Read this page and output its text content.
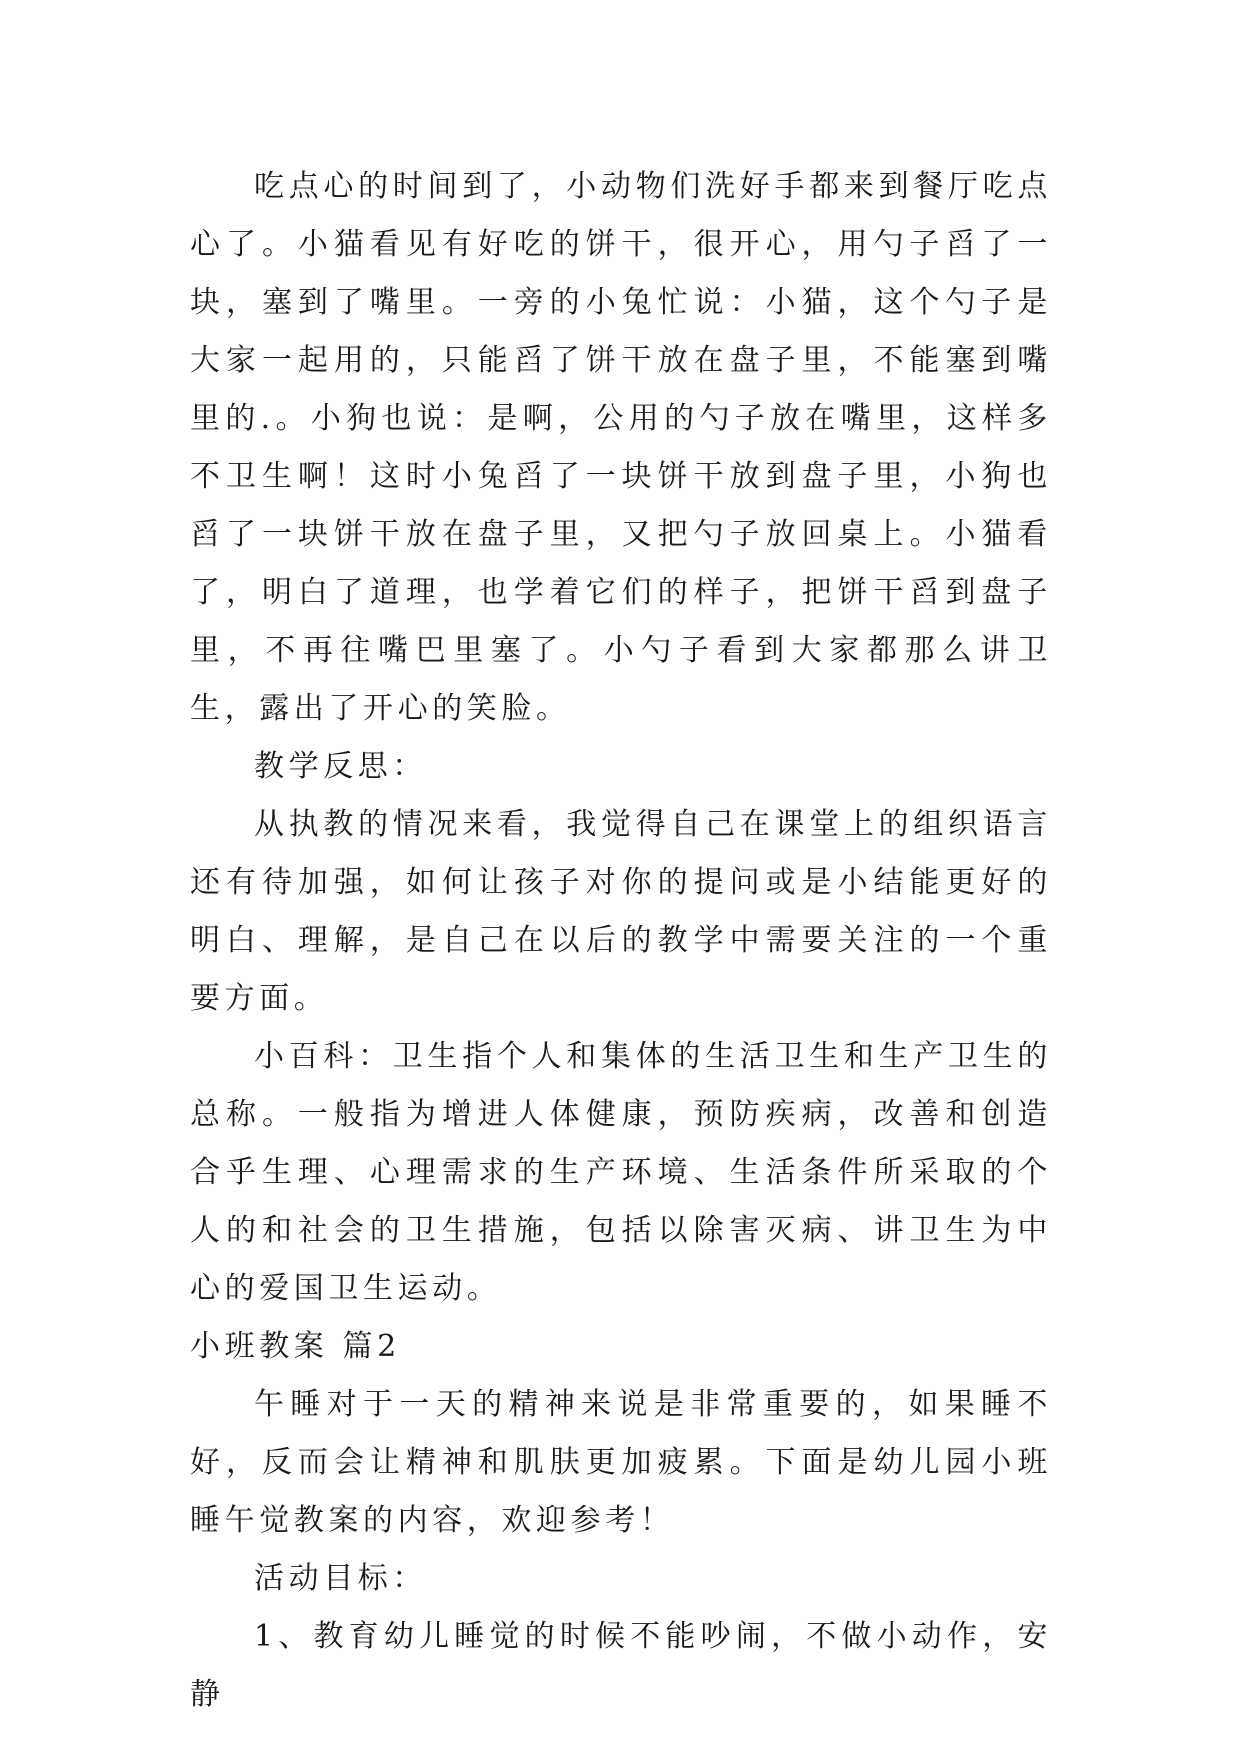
吃点心的时间到了，小动物们洗好手都来到餐厅吃点心了。小猫看见有好吃的饼干，很开心，用勺子舀了一块，塞到了嘴里。一旁的小兔忙说：小猫，这个勺子是大家一起用的，只能舀了饼干放在盘子里，不能塞到嘴里的.。小狗也说：是啊，公用的勺子放在嘴里，这样多不卫生啊！这时小兔舀了一块饼干放到盘子里，小狗也舀了一块饼干放在盘子里，又把勺子放回桌上。小猫看了，明白了道理，也学着它们的样子，把饼干舀到盘子里，不再往嘴巴里塞了。小勺子看到大家都那么讲卫生，露出了开心的笑脸。

教学反思：

从执教的情况来看，我觉得自己在课堂上的组织语言还有待加强，如何让孩子对你的提问或是小结能更好的明白、理解，是自己在以后的教学中需要关注的一个重要方面。

小百科：卫生指个人和集体的生活卫生和生产卫生的总称。一般指为增进人体健康，预防疾病，改善和创造合乎生理、心理需求的生产环境、生活条件所采取的个人的和社会的卫生措施，包括以除害灭病、讲卫生为中心的爱国卫生运动。

小班教案 篇2

午睡对于一天的精神来说是非常重要的，如果睡不好，反而会让精神和肌肤更加疲累。下面是幼儿园小班睡午觉教案的内容，欢迎参考！

活动目标：

1、教育幼儿睡觉的时候不能吵闹，不做小动作，安静
